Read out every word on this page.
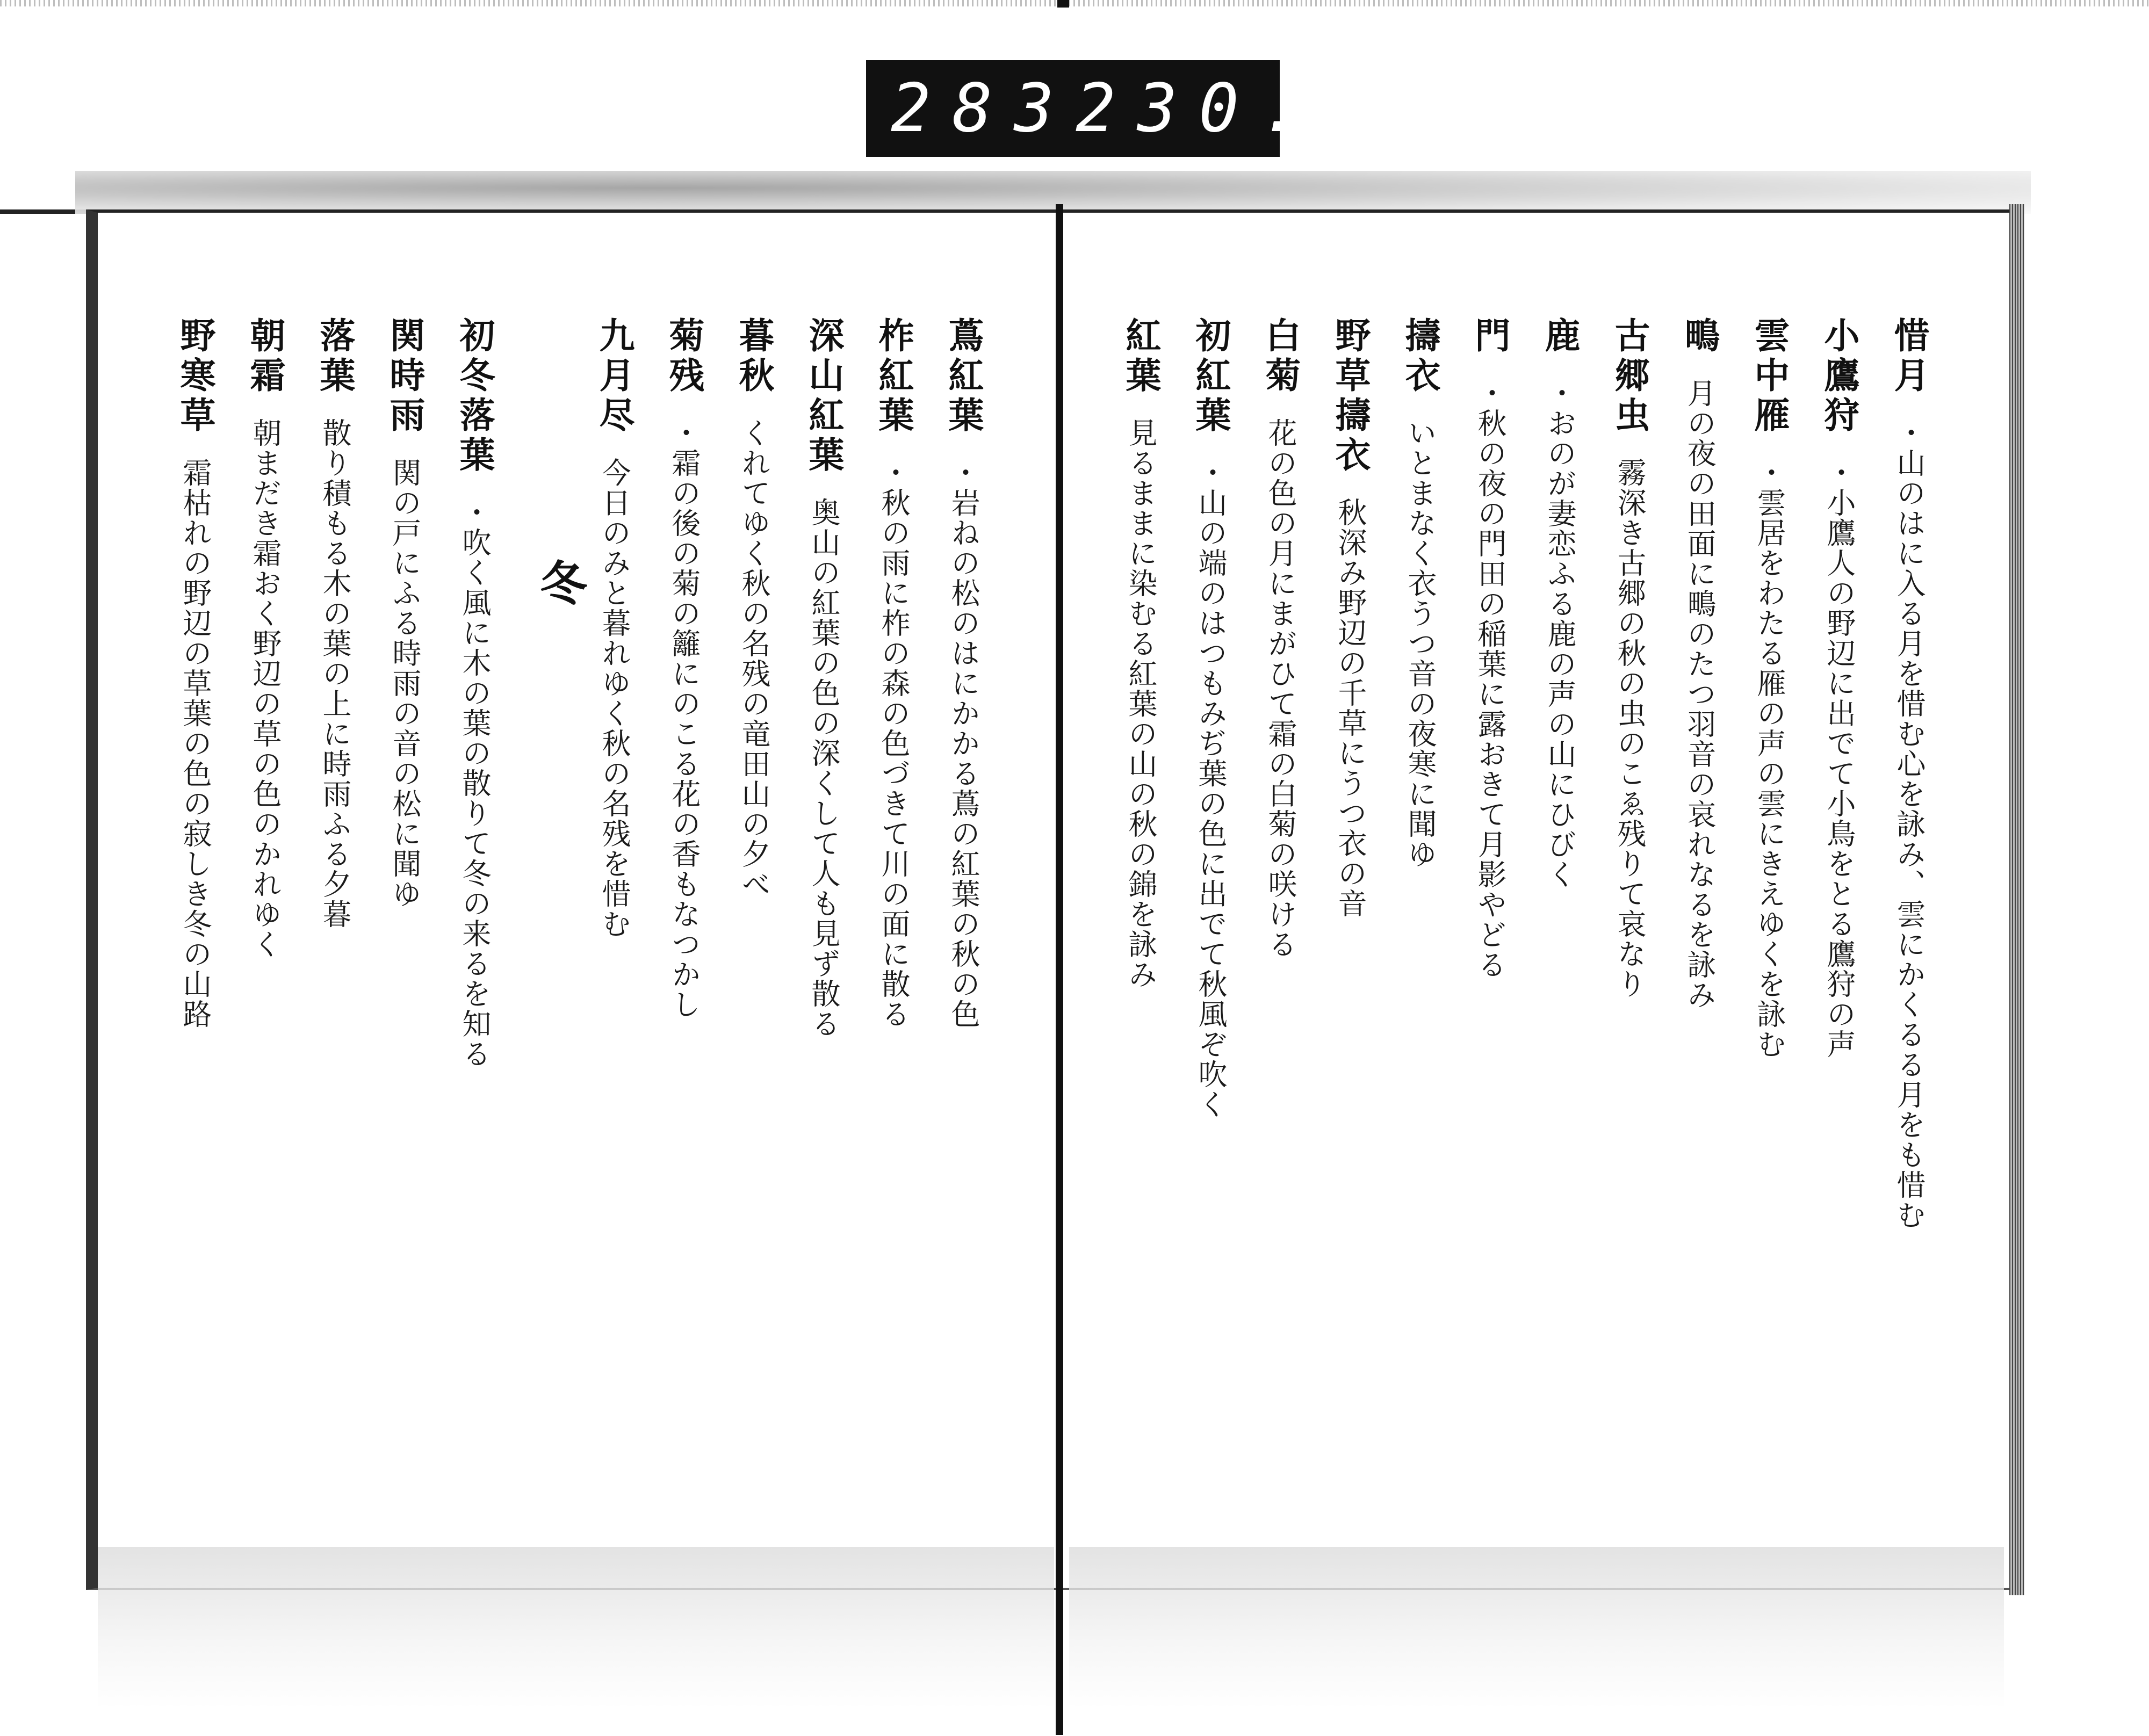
283 230.
惜月・山のはに入る月を惜む心を詠み、雲にかくるる月をも惜む
小鷹狩・小鷹人の野辺に出でて小鳥をとる鷹狩の声
雲中雁・雲居をわたる雁の声の雲にきえゆくを詠む
鴫月の夜の田面に鴫のたつ羽音の哀れなるを詠み
古郷虫霧深き古郷の秋の虫のこゑ残りて哀なり
鹿・おのが妻恋ふる鹿の声の山にひびく
門・秋の夜の門田の稲葉に露おきて月影やどる
擣衣いとまなく衣うつ音の夜寒に聞ゆ
野草擣衣秋深み野辺の千草にうつ衣の音
白菊花の色の月にまがひて霜の白菊の咲ける
初紅葉・山の端のはつもみぢ葉の色に出でて秋風ぞ吹く
紅葉見るままに染むる紅葉の山の秋の錦を詠み
蔦紅葉・岩ねの松のはにかかる蔦の紅葉の秋の色
柞紅葉・秋の雨に柞の森の色づきて川の面に散る
深山紅葉奥山の紅葉の色の深くして人も見ず散る
暮秋くれてゆく秋の名残の竜田山の夕べ
菊残・霜の後の菊の籬にのこる花の香もなつかし
九月尽今日のみと暮れゆく秋の名残を惜む
冬
初冬落葉・吹く風に木の葉の散りて冬の来るを知る
関時雨関の戸にふる時雨の音の松に聞ゆ
落葉散り積もる木の葉の上に時雨ふる夕暮
朝霜朝まだき霜おく野辺の草の色のかれゆく
野寒草霜枯れの野辺の草葉の色の寂しき冬の山路
